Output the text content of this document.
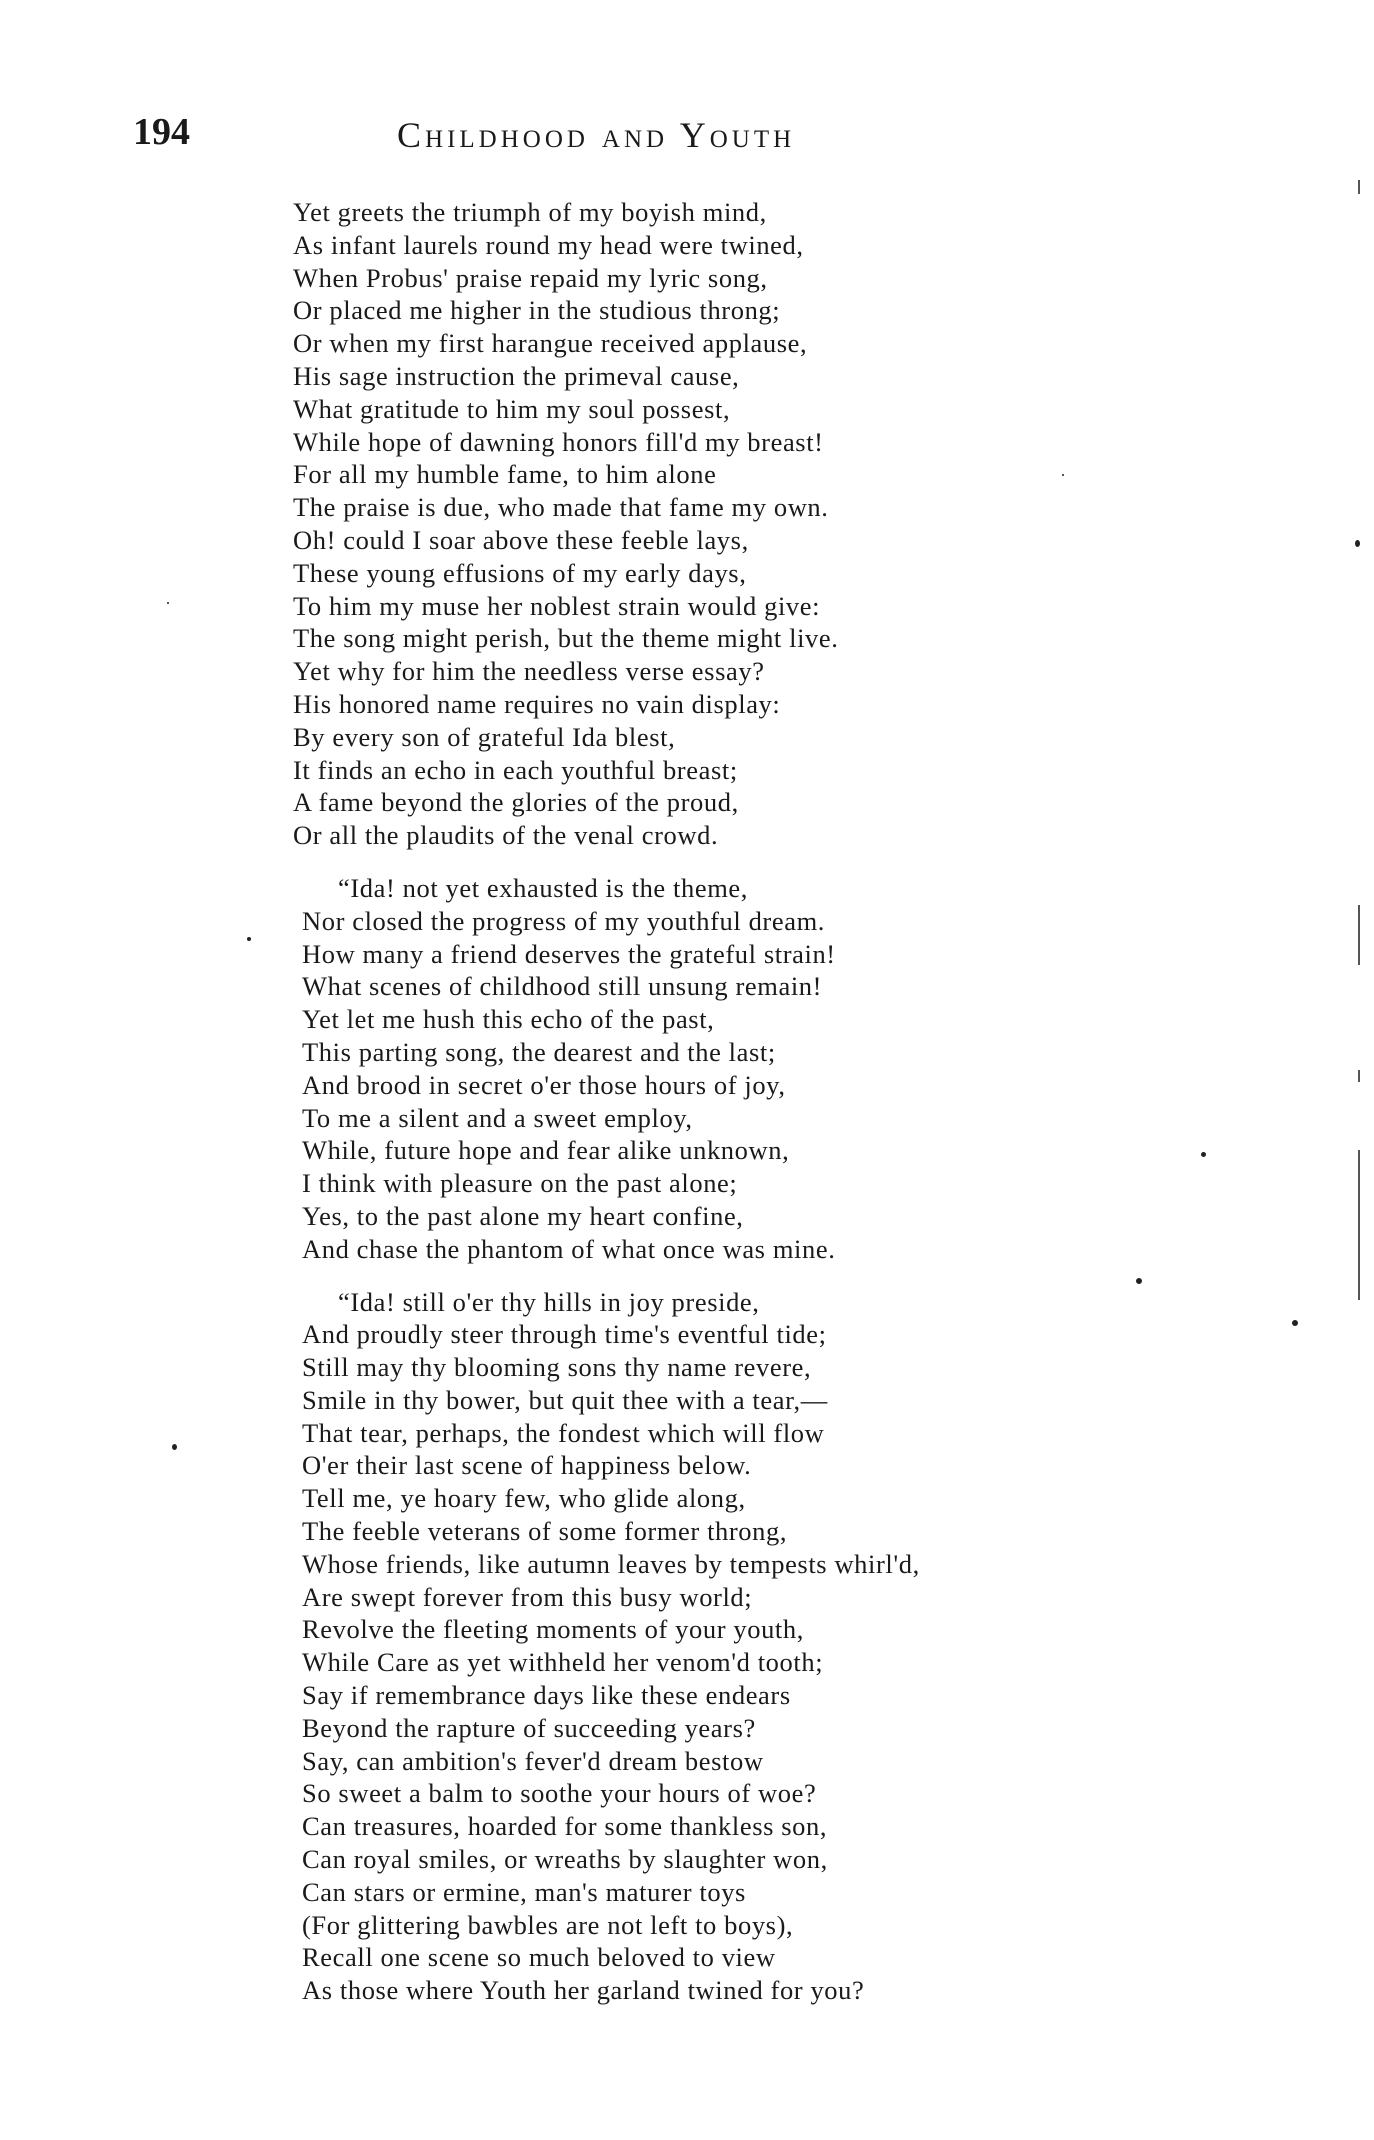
194	Childhood and Youth

Yet greets the triumph of my boyish mind,
As infant laurels round my head were twined,
When Probus' praise repaid my lyric song,
Or placed me higher in the studious throng;
Or when my first harangue received applause,
His sage instruction the primeval cause,
What gratitude to him my soul possest,
While hope of dawning honors fill'd my breast!
For all my humble fame, to him alone
The praise is due, who made that fame my own.
Oh! could I soar above these feeble lays,
These young effusions of my early days,
To him my muse her noblest strain would give:
The song might perish, but the theme might live.
Yet why for him the needless verse essay?
His honored name requires no vain display:
By every son of grateful Ida blest,
It finds an echo in each youthful breast;
A fame beyond the glories of the proud,
Or all the plaudits of the venal crowd.

“Ida! not yet exhausted is the theme,
Nor closed the progress of my youthful dream.
How many a friend deserves the grateful strain!
What scenes of childhood still unsung remain!
Yet let me hush this echo of the past,
This parting song, the dearest and the last;
And brood in secret o'er those hours of joy,
To me a silent and a sweet employ,
While, future hope and fear alike unknown,
I think with pleasure on the past alone;
Yes, to the past alone my heart confine,
And chase the phantom of what once was mine.

“Ida! still o'er thy hills in joy preside,
And proudly steer through time's eventful tide;
Still may thy blooming sons thy name revere,
Smile in thy bower, but quit thee with a tear,—
That tear, perhaps, the fondest which will flow
O'er their last scene of happiness below.
Tell me, ye hoary few, who glide along,
The feeble veterans of some former throng,
Whose friends, like autumn leaves by tempests whirl'd,
Are swept forever from this busy world;
Revolve the fleeting moments of your youth,
While Care as yet withheld her venom'd tooth;
Say if remembrance days like these endears
Beyond the rapture of succeeding years?
Say, can ambition's fever'd dream bestow
So sweet a balm to soothe your hours of woe?
Can treasures, hoarded for some thankless son,
Can royal smiles, or wreaths by slaughter won,
Can stars or ermine, man's maturer toys
(For glittering bawbles are not left to boys),
Recall one scene so much beloved to view
As those where Youth her garland twined for you?
